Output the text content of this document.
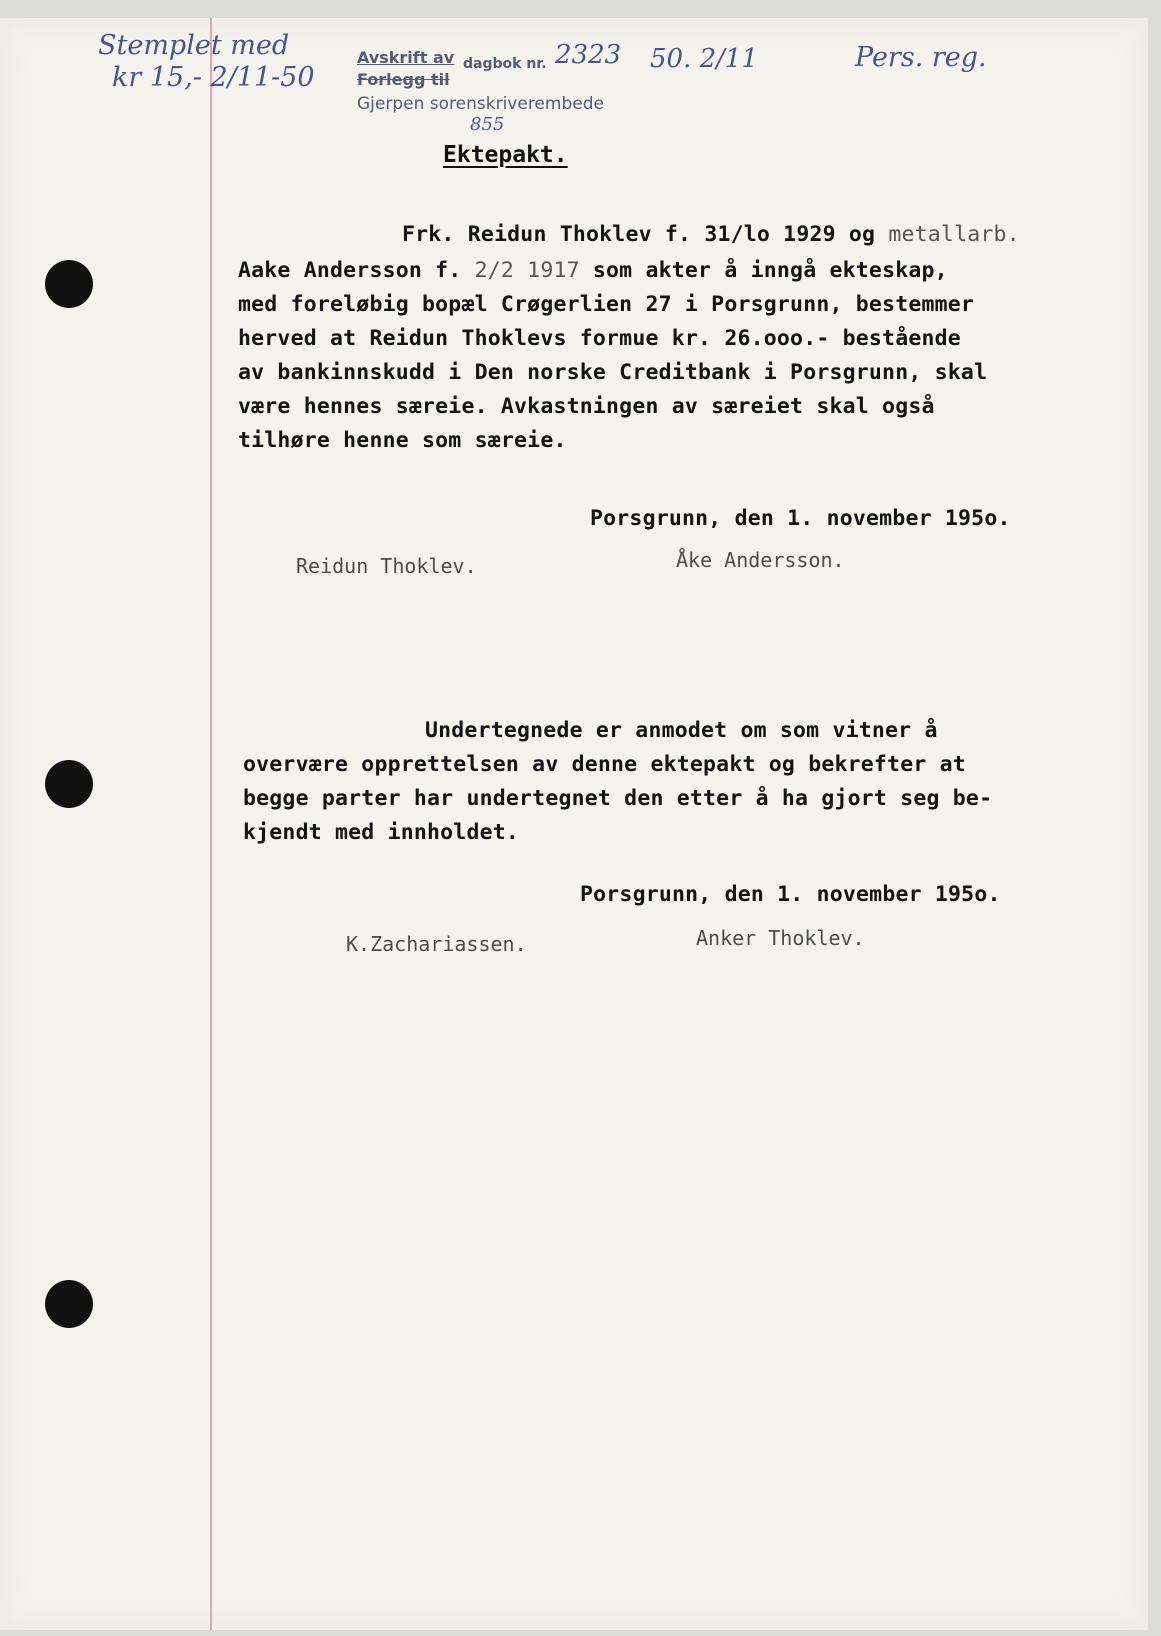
Stemplet med
kr 15,- 2/11-50
Pers. reg.
Avskrift av dagbok nr. 2323 50. 2/11
Forlegg til
Gjerpen sorenskriverembede
855
Ektepakt.
Frk. Reidun Thoklev f. 31/lo 1929 og metallarb.
Aake Andersson f. 2/2 1917 som akter å inngå ekteskap,
med foreløbig bopæl Crøgerlien 27 i Porsgrunn, bestemmer
herved at Reidun Thoklevs formue kr. 26.ooo.- bestående
av bankinnskudd i Den norske Creditbank i Porsgrunn, skal
være hennes særeie. Avkastningen av særeiet skal også
tilhøre henne som særeie.
Porsgrunn, den 1. november 195o.
Reidun Thoklev.	Åke Andersson.
Undertegnede er anmodet om som vitner å
overvære opprettelsen av denne ektepakt og bekrefter at
begge parter har undertegnet den etter å ha gjort seg be-
kjendt med innholdet.
Porsgrunn, den 1. november 195o.
K.Zachariassen.	Anker Thoklev.
